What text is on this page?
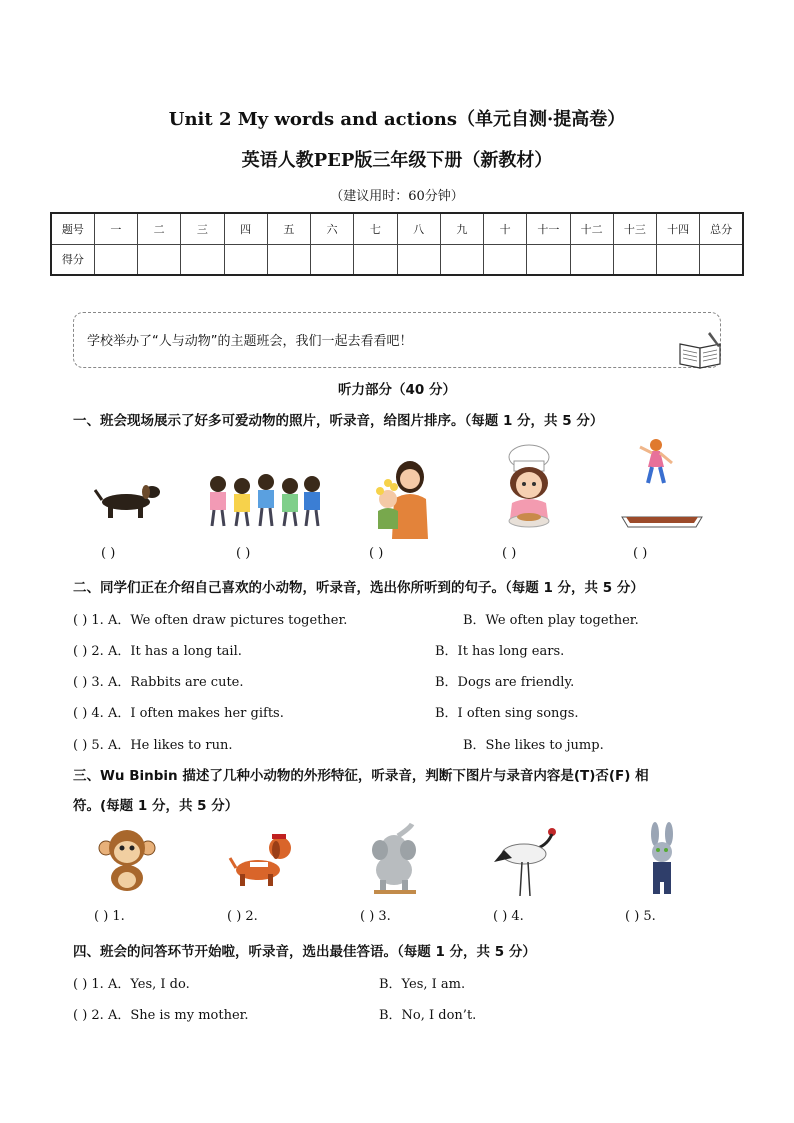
Unit 2 My words and actions（单元自测·提高卷）
英语人教PEP版三年级下册（新教材）
（建议用时：60分钟）
题号	一	二	三	四	五	六	七	八	九	十	十一	十二	十三	十四	总分
得分															
学校举办了“人与动物”的主题班会，我们一起去看看吧！
听力部分（40 分）
一、班会现场展示了好多可爱动物的照片，听录音，给图片排序。（每题 1 分，共 5 分）
( )	( )	( )	( )	( )
二、同学们正在介绍自己喜欢的小动物，听录音，选出你所听到的句子。（每题 1 分，共 5 分）
( ) 1. A．We often draw pictures together.	B．We often play together.
( ) 2. A．It has a long tail.	B．It has long ears.
( ) 3. A．Rabbits are cute.	B．Dogs are friendly.
( ) 4. A．I often makes her gifts.	B．I often sing songs.
( ) 5. A．He likes to run.	B．She likes to jump.
三、Wu Binbin 描述了几种小动物的外形特征，听录音，判断下图片与录音内容是(T)否(F) 相
符。(每题 1 分，共 5 分）
( ) 1.	( ) 2.	( ) 3.	( ) 4.	( ) 5.
四、班会的问答环节开始啦，听录音，选出最佳答语。（每题 1 分，共 5 分）
( ) 1. A．Yes, I do.	B．Yes, I am.
( ) 2. A．She is my mother.	B．No, I don’t.
